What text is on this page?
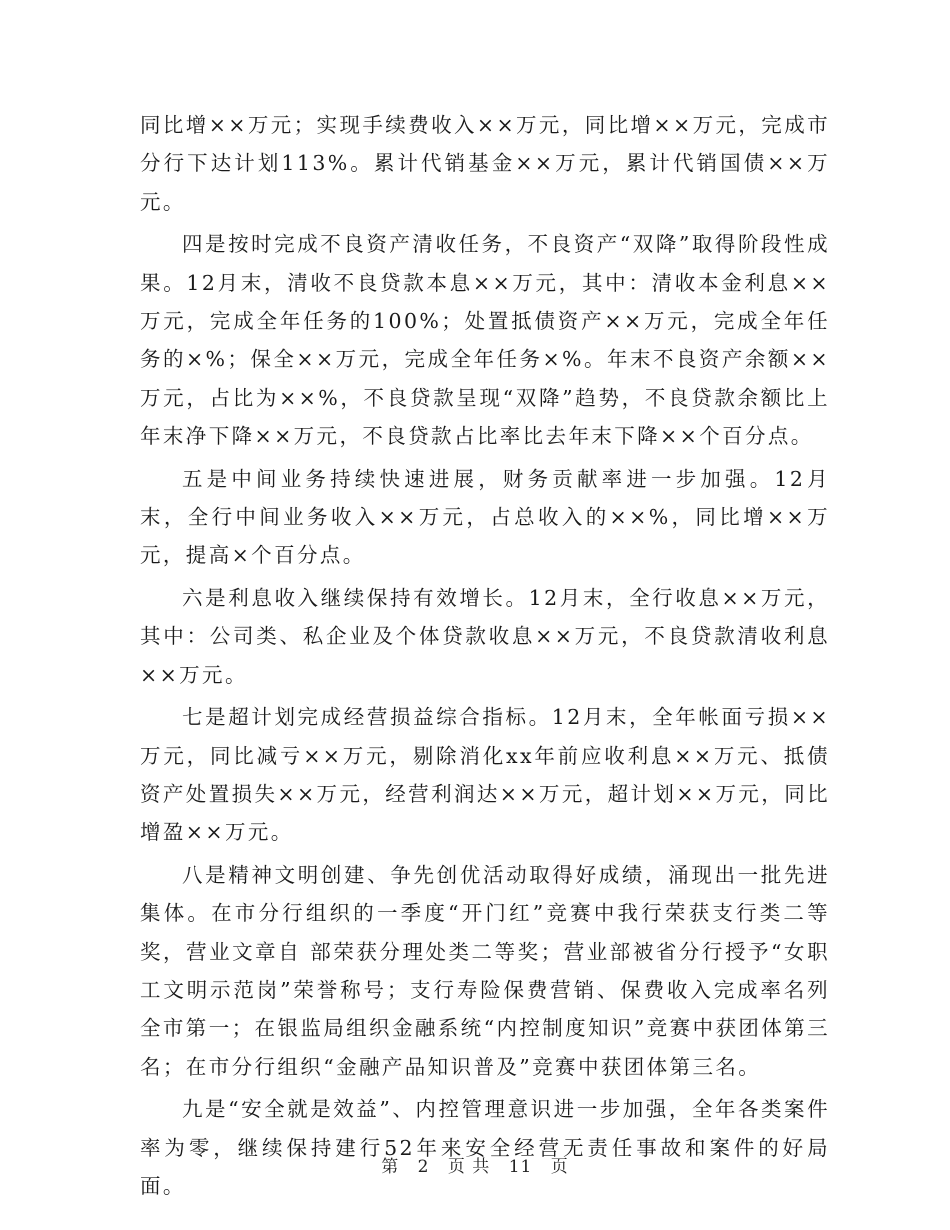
同比增××万元；实现手续费收入××万元，同比增××万元，完成市分行下达计划113%。累计代销基金××万元，累计代销国债××万元。

四是按时完成不良资产清收任务，不良资产“双降”取得阶段性成果。12月末，清收不良贷款本息××万元，其中：清收本金利息××万元，完成全年任务的100%；处置抵债资产××万元，完成全年任务的×%；保全××万元，完成全年任务×%。年末不良资产余额××万元，占比为××%，不良贷款呈现“双降”趋势，不良贷款余额比上年末净下降××万元，不良贷款占比率比去年末下降××个百分点。

五是中间业务持续快速进展，财务贡献率进一步加强。12月末，全行中间业务收入××万元，占总收入的××%，同比增××万元，提高×个百分点。

六是利息收入继续保持有效增长。12月末，全行收息××万元，其中：公司类、私企业及个体贷款收息××万元，不良贷款清收利息××万元。

七是超计划完成经营损益综合指标。12月末，全年帐面亏损××万元，同比减亏××万元，剔除消化xx年前应收利息××万元、抵债资产处置损失××万元，经营利润达××万元，超计划××万元，同比增盈××万元。

八是精神文明创建、争先创优活动取得好成绩，涌现出一批先进集体。在市分行组织的一季度“开门红”竞赛中我行荣获支行类二等奖，营业文章自 部荣获分理处类二等奖；营业部被省分行授予“女职工文明示范岗”荣誉称号；支行寿险保费营销、保费收入完成率名列全市第一；在银监局组织金融系统“内控制度知识”竞赛中获团体第三名；在市分行组织“金融产品知识普及”竞赛中获团体第三名。

九是“安全就是效益”、内控管理意识进一步加强，全年各类案件率为零，继续保持建行52年来安全经营无责任事故和案件的好局面。

第 2 页 共 11 页
